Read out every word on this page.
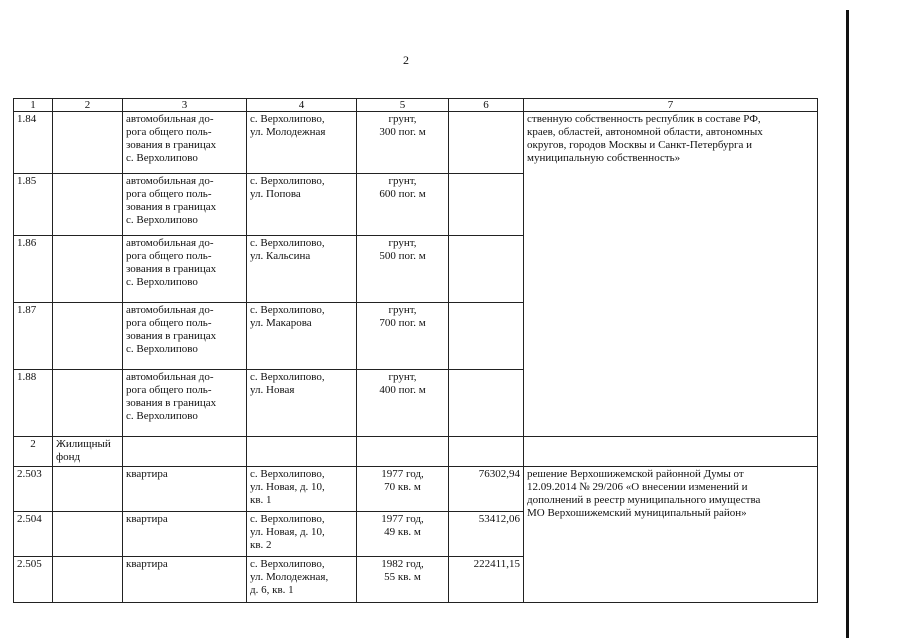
2
1	2	3	4	5	6	7
1.84		автомобильная до-
рога общего поль-
зования в границах
с. Верхолипово	с. Верхолипово,
ул. Молодежная	грунт,
300 пог. м		ственную собственность республик в составе РФ,
краев, областей, автономной области, автономных
округов, городов Москвы и Санкт-Петербурга и
муниципальную собственность»
1.85		автомобильная до-
рога общего поль-
зования в границах
с. Верхолипово	с. Верхолипово,
ул. Попова	грунт,
600 пог. м		
1.86		автомобильная до-
рога общего поль-
зования в границах
с. Верхолипово	с. Верхолипово,
ул. Кальсина	грунт,
500 пог. м		
1.87		автомобильная до-
рога общего поль-
зования в границах
с. Верхолипово	с. Верхолипово,
ул. Макарова	грунт,
700 пог. м		
1.88		автомобильная до-
рога общего поль-
зования в границах
с. Верхолипово	с. Верхолипово,
ул. Новая	грунт,
400 пог. м		
2	Жилищный
фонд					
2.503		квартира	с. Верхолипово,
ул. Новая, д. 10,
кв. 1	1977 год,
70 кв. м	76302,94	решение Верхошижемской районной Думы от
12.09.2014 № 29/206 «О внесении изменений и
дополнений в реестр муниципального имущества
МО Верхошижемский муниципальный район»
2.504		квартира	с. Верхолипово,
ул. Новая, д. 10,
кв. 2	1977 год,
49 кв. м	53412,06	
2.505		квартира	с. Верхолипово,
ул. Молодежная,
д. 6, кв. 1	1982 год,
55 кв. м	222411,15	
